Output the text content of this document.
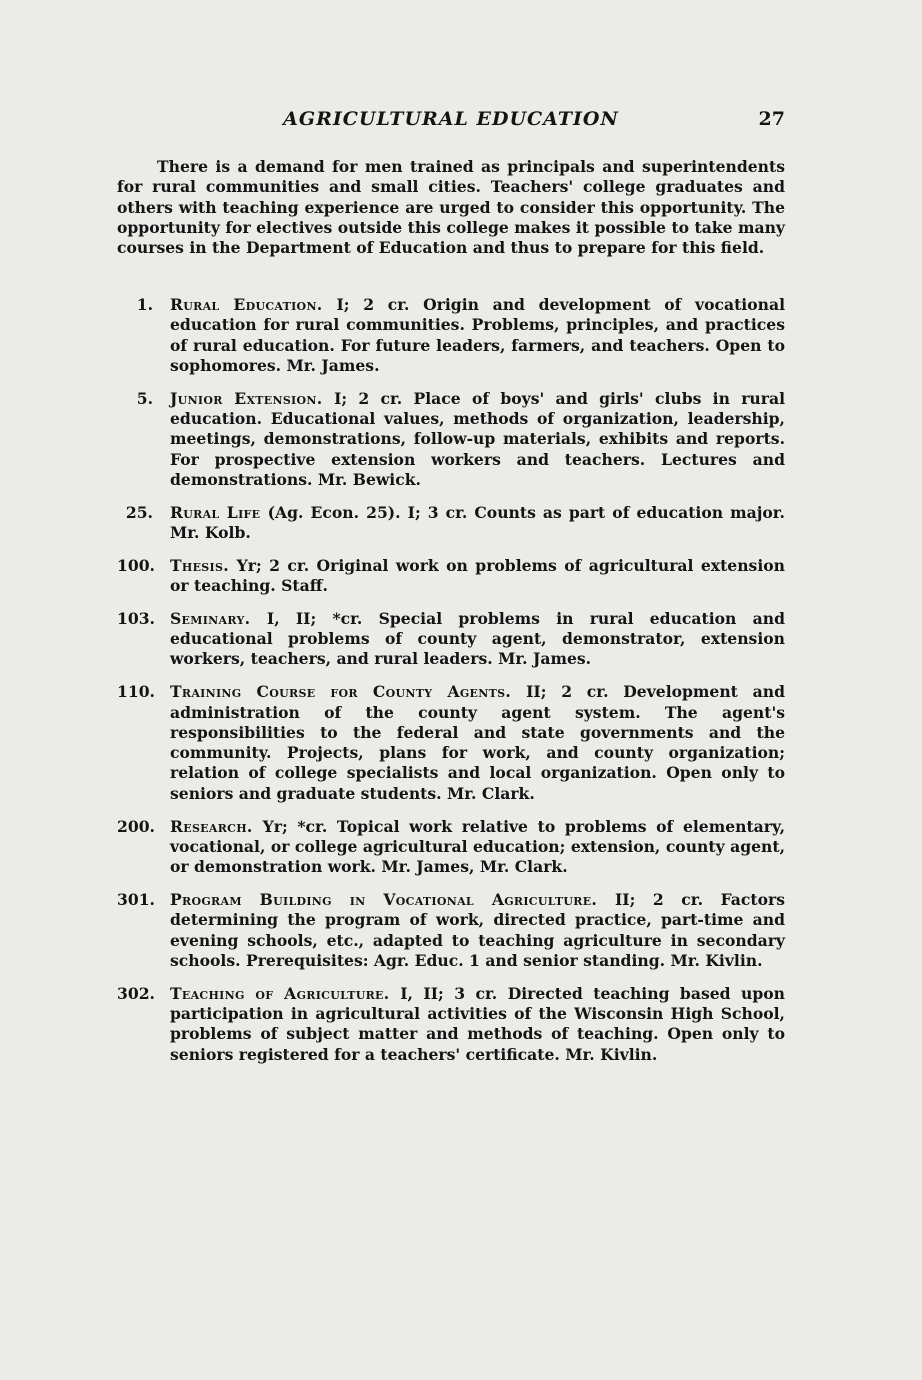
AGRICULTURAL EDUCATION	27

There is a demand for men trained as principals and superintendents for rural communities and small cities. Teachers' college graduates and others with teaching experience are urged to consider this opportunity. The opportunity for electives outside this college makes it possible to take many courses in the Department of Education and thus to prepare for this field.

1. Rural Education. I; 2 cr. Origin and development of vocational education for rural communities. Problems, principles, and practices of rural education. For future leaders, farmers, and teachers. Open to sophomores. Mr. James.
5. Junior Extension. I; 2 cr. Place of boys' and girls' clubs in rural education. Educational values, methods of organization, leadership, meetings, demonstrations, follow-up materials, exhibits and reports. For prospective extension workers and teachers. Lectures and demonstrations. Mr. Bewick.
25. Rural Life (Ag. Econ. 25). I; 3 cr. Counts as part of education major. Mr. Kolb.
100. Thesis. Yr; 2 cr. Original work on problems of agricultural extension or teaching. Staff.
103. Seminary. I, II; *cr. Special problems in rural education and educational problems of county agent, demonstrator, extension workers, teachers, and rural leaders. Mr. James.
110. Training Course for County Agents. II; 2 cr. Development and administration of the county agent system. The agent's responsibilities to the federal and state governments and the community. Projects, plans for work, and county organization; relation of college specialists and local organization. Open only to seniors and graduate students. Mr. Clark.
200. Research. Yr; *cr. Topical work relative to problems of elementary, vocational, or college agricultural education; extension, county agent, or demonstration work. Mr. James, Mr. Clark.
301. Program Building in Vocational Agriculture. II; 2 cr. Factors determining the program of work, directed practice, part-time and evening schools, etc., adapted to teaching agriculture in secondary schools. Prerequisites: Agr. Educ. 1 and senior standing. Mr. Kivlin.
302. Teaching of Agriculture. I, II; 3 cr. Directed teaching based upon participation in agricultural activities of the Wisconsin High School, problems of subject matter and methods of teaching. Open only to seniors registered for a teachers' certificate. Mr. Kivlin.
